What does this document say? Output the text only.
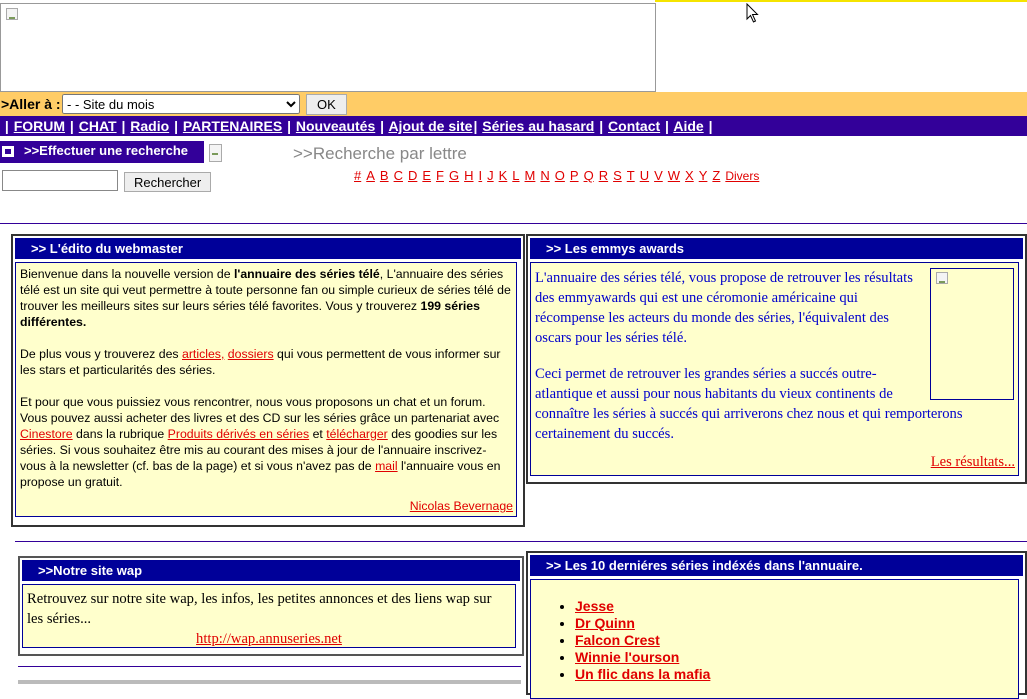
>Aller à :
- - Site du mois	OK
| FORUM | CHAT | Radio | PARTENAIRES | Nouveautés | Ajout de site| Séries au hasard | Contact | Aide |
>>Effectuer une recherche
Rechercher
>>Recherche par lettre
# A B C D E F G H I J K L M N O P Q R S T U V W X Y Z Divers
>> L'édito du webmaster

Bienvenue dans la nouvelle version de l'annuaire des séries télé, L'annuaire des séries télé est un site qui veut permettre à toute personne fan ou simple curieux de séries télé de trouver les meilleurs sites sur leurs séries télé favorites. Vous y trouverez 199 séries différentes.

De plus vous y trouverez des articles, dossiers qui vous permettent de vous informer sur les stars et particularités des séries.

Et pour que vous puissiez vous rencontrer, nous vous proposons un chat et un forum. Vous pouvez aussi acheter des livres et des CD sur les séries grâce un partenariat avec Cinestore dans la rubrique Produits dérivés en séries et télécharger des goodies sur les séries. Si vous souhaitez être mis au courant des mises à jour de l'annuaire inscrivez-vous à la newsletter (cf. bas de la page) et si vous n'avez pas de mail l'annuaire vous en propose un gratuit.

Nicolas Bevernage
>> Les emmys awards

L'annuaire des séries télé, vous propose de retrouver les résultats des emmyawards qui est une céromonie américaine qui récompense les acteurs du monde des séries, l'équivalent des oscars pour les séries télé.

Ceci permet de retrouver les grandes séries a succés outre-atlantique et aussi pour nous habitants du vieux continents de connaître les séries à succés qui arriverons chez nous et qui remporterons certainement du succés.

Les résultats...
>>Notre site wap
Retrouvez sur notre site wap, les infos, les petites annonces et des liens wap sur les séries...
http://wap.annuseries.net
>> Les 10 derniéres séries indéxés dans l'annuaire.
• Jesse
• Dr Quinn
• Falcon Crest
• Winnie l'ourson
• Un flic dans la mafia
